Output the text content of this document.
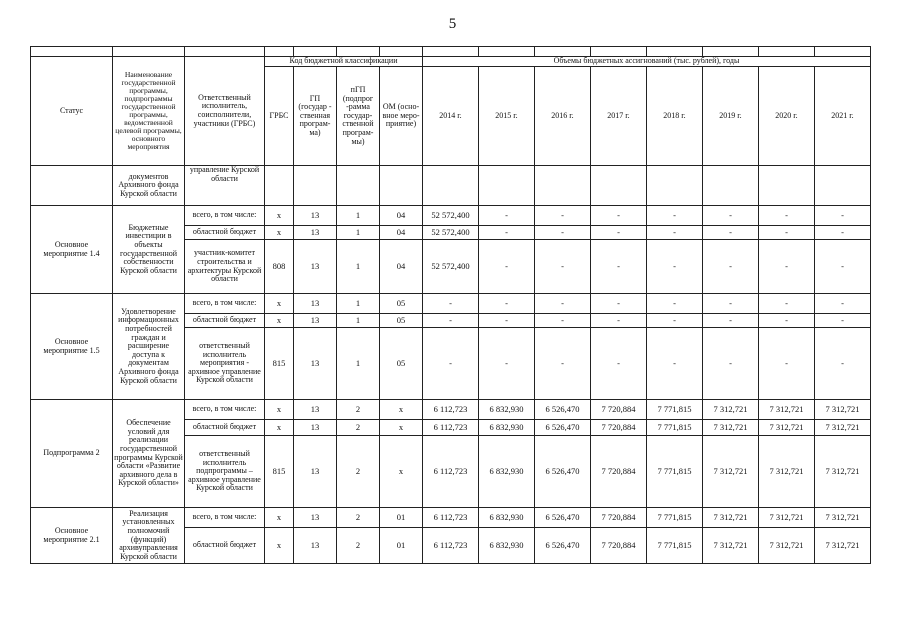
5

Статус	Наименование государственной программы, подпрограммы государственной программы, ведомственной целевой программы, основного мероприятия	Ответственный исполнитель, соисполнители, участники (ГРБС)	Код бюджетной классификации				Объемы бюджетных ассигнований (тыс. рублей), годы							
			ГРБС	ГП (государ - ственная програм- ма)	пГП (подпрог -рамма государ- ственной програм- мы)	ОМ (осно- вное меро- приятие)	2014 г.	2015 г.	2016 г.	2017 г.	2018 г.	2019 г.	2020 г.	2021 г.
	документов Архивного фонда Курской области	управление Курской области												
Основное мероприятие 1.4	Бюджетные инвестиции в объекты государственной собственности Курской области	всего, в том числе:	х	13	1	04	52 572,400	-	-	-	-	-	-	-
		областной бюджет	х	13	1	04	52 572,400	-	-	-	-	-	-	-
		участник-комитет строительства и архитектуры Курской области	808	13	1	04	52 572,400	-	-	-	-	-	-	-
Основное мероприятие 1.5	Удовлетворение информационных потребностей граждан и расширение доступа к документам Архивного фонда Курской области	всего, в том числе:	х	13	1	05	-	-	-	-	-	-	-	-
		областной бюджет	х	13	1	05	-	-	-	-	-	-	-	-
		ответственный исполнитель мероприятия - архивное управление Курской области	815	13	1	05	-	-	-	-	-	-	-	-
Подпрограмма 2	Обеспечение условий для реализации государственной программы Курской области «Развитие архивного дела в Курской области»	всего, в том числе:	х	13	2	х	6 112,723	6 832,930	6 526,470	7 720,884	7 771,815	7 312,721	7 312,721	7 312,721
		областной бюджет	х	13	2	х	6 112,723	6 832,930	6 526,470	7 720,884	7 771,815	7 312,721	7 312,721	7 312,721
		ответственный исполнитель подпрограммы – архивное управление Курской области	815	13	2	х	6 112,723	6 832,930	6 526,470	7 720,884	7 771,815	7 312,721	7 312,721	7 312,721
Основное мероприятие 2.1	Реализация установленных полномочий (функций) архивуправления Курской области	всего, в том числе:	х	13	2	01	6 112,723	6 832,930	6 526,470	7 720,884	7 771,815	7 312,721	7 312,721	7 312,721
		областной бюджет	х	13	2	01	6 112,723	6 832,930	6 526,470	7 720,884	7 771,815	7 312,721	7 312,721	7 312,721
